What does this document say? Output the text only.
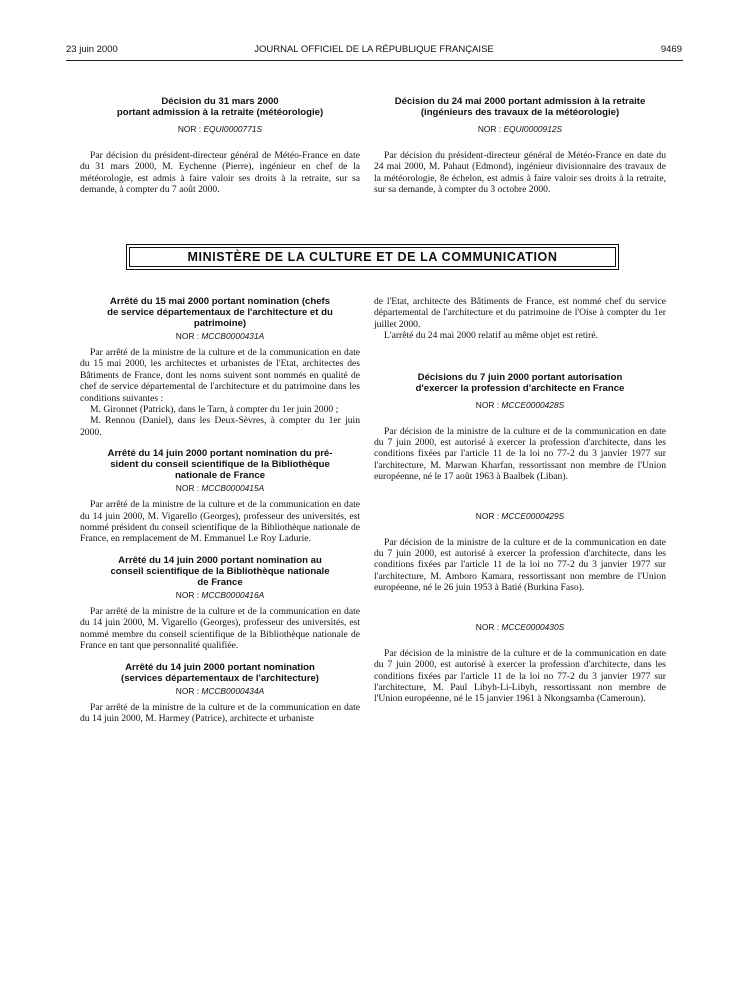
23 juin 2000	JOURNAL OFFICIEL DE LA RÉPUBLIQUE FRANÇAISE	9469
Décision du 31 mars 2000
portant admission à la retraite (météorologie)
NOR : EQUI0000771S

Par décision du président-directeur général de Météo-France en date du 31 mars 2000, M. Eychenne (Pierre), ingénieur en chef de la météorologie, est admis à faire valoir ses droits à la retraite, sur sa demande, à compter du 7 août 2000.

Décision du 24 mai 2000 portant admission à la retraite
(ingénieurs des travaux de la météorologie)
NOR : EQUI0000912S

Par décision du président-directeur général de Météo-France en date du 24 mai 2000, M. Pahaut (Edmond), ingénieur divisionnaire des travaux de la météorologie, 8e échelon, est admis à faire valoir ses droits à la retraite, sur sa demande, à compter du 3 octobre 2000.

MINISTÈRE DE LA CULTURE ET DE LA COMMUNICATION
Arrêté du 15 mai 2000 portant nomination (chefs
de service départementaux de l'architecture et du
patrimoine)
NOR : MCCB0000431A

Par arrêté de la ministre de la culture et de la communication en date du 15 mai 2000, les architectes et urbanistes de l'Etat, architectes des Bâtiments de France, dont les noms suivent sont nommés en qualité de chef de service départemental de l'architecture et du patrimoine dans les conditions suivantes :

M. Gironnet (Patrick), dans le Tarn, à compter du 1er juin 2000 ;

M. Rennou (Daniel), dans les Deux-Sèvres, à compter du 1er juin 2000.

Arrêté du 14 juin 2000 portant nomination du pré-
sident du conseil scientifique de la Bibliothèque
nationale de France
NOR : MCCB0000415A

Par arrêté de la ministre de la culture et de la communication en date du 14 juin 2000, M. Vigarello (Georges), professeur des universités, est nommé président du conseil scientifique de la Bibliothèque nationale de France, en remplacement de M. Emmanuel Le Roy Ladurie.

Arrêté du 14 juin 2000 portant nomination au
conseil scientifique de la Bibliothèque nationale
de France
NOR : MCCB0000416A

Par arrêté de la ministre de la culture et de la communication en date du 14 juin 2000, M. Vigarello (Georges), professeur des universités, est nommé membre du conseil scientifique de la Bibliothèque nationale de France en tant que personnalité qualifiée.

Arrêté du 14 juin 2000 portant nomination
(services départementaux de l'architecture)
NOR : MCCB0000434A

Par arrêté de la ministre de la culture et de la communication en date du 14 juin 2000, M. Harmey (Patrice), architecte et urbaniste

de l'Etat, architecte des Bâtiments de France, est nommé chef du service départemental de l'architecture et du patrimoine de l'Oise à compter du 1er juillet 2000.

L'arrêté du 24 mai 2000 relatif au même objet est retiré.

Décisions du 7 juin 2000 portant autorisation
d'exercer la profession d'architecte en France
NOR : MCCE0000428S

Par décision de la ministre de la culture et de la communication en date du 7 juin 2000, est autorisé à exercer la profession d'architecte, dans les conditions fixées par l'article 11 de la loi no 77-2 du 3 janvier 1977 sur l'architecture, M. Marwan Kharfan, ressortissant non membre de l'Union européenne, né le 17 août 1963 à Baalbek (Liban).

NOR : MCCE0000429S

Par décision de la ministre de la culture et de la communication en date du 7 juin 2000, est autorisé à exercer la profession d'architecte, dans les conditions fixées par l'article 11 de la loi no 77-2 du 3 janvier 1977 sur l'architecture, M. Amboro Kamara, ressortissant non membre de l'Union européenne, né le 26 juin 1953 à Batié (Burkina Faso).

NOR : MCCE0000430S

Par décision de la ministre de la culture et de la communication en date du 7 juin 2000, est autorisé à exercer la profession d'architecte, dans les conditions fixées par l'article 11 de la loi no 77-2 du 3 janvier 1977 sur l'architecture, M. Paul Libyh-Li-Libyh, ressortissant non membre de l'Union européenne, né le 15 janvier 1961 à Nkongsamba (Cameroun).
